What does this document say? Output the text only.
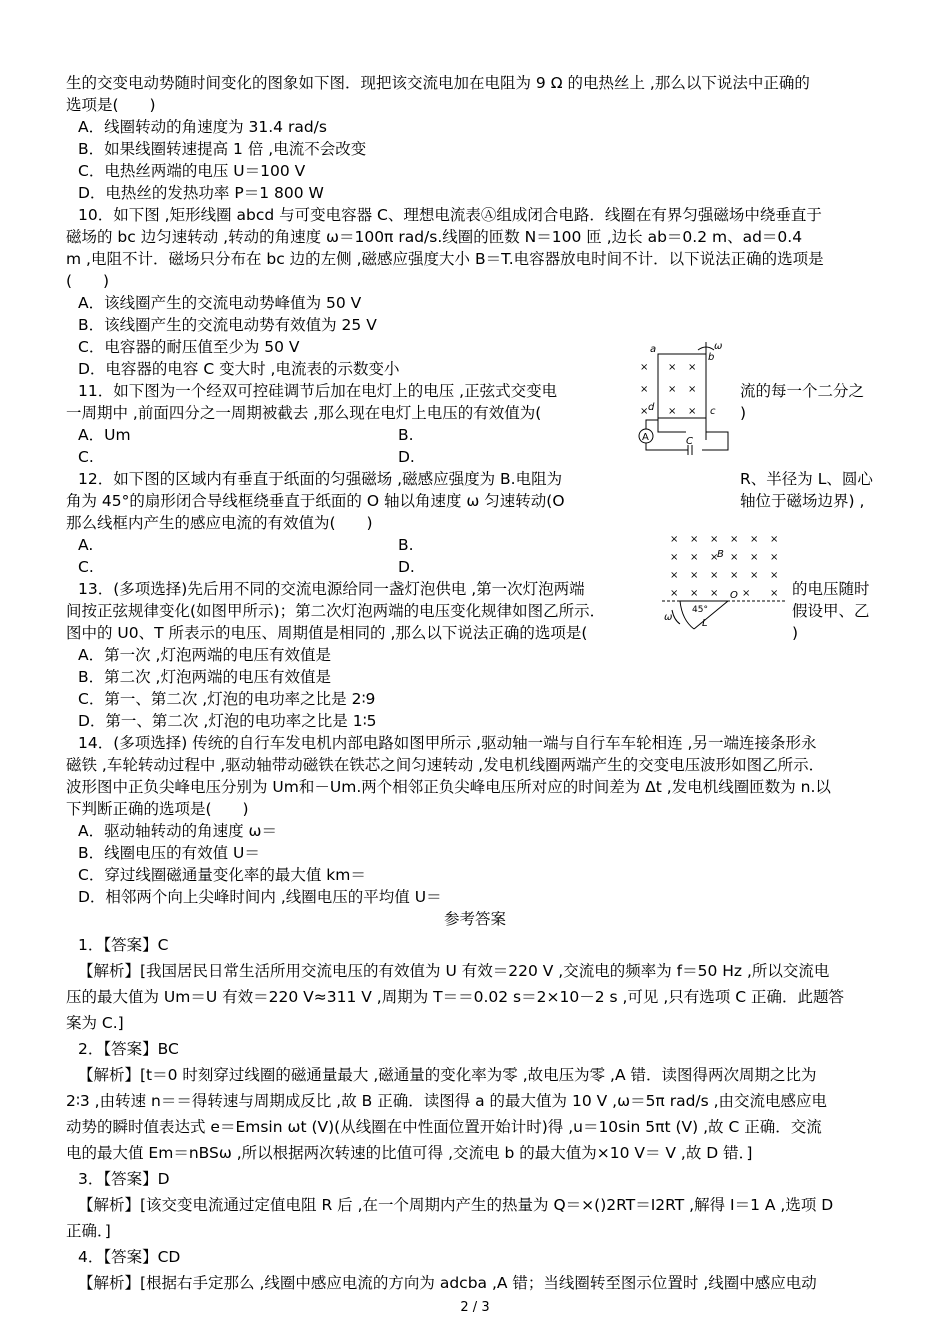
生的交变电动势随时间变化的图象如下图．现把该交流电加在电阻为 9 Ω 的电热丝上 ,那么以下说法中正确的
选项是(　　)
A．线圈转动的角速度为 31.4 rad/s
B．如果线圈转速提高 1 倍 ,电流不会改变
C．电热丝两端的电压 U＝100 V
D．电热丝的发热功率 P＝1 800 W
10．如下图 ,矩形线圈 abcd 与可变电容器 C、理想电流表Ⓐ组成闭合电路．线圈在有界匀强磁场中绕垂直于
磁场的 bc 边匀速转动 ,转动的角速度 ω＝100π rad/s.线圈的匝数 N＝100 匝 ,边长 ab＝0.2 m、ad＝0.4
m ,电阻不计．磁场只分布在 bc 边的左侧 ,磁感应强度大小 B＝T.电容器放电时间不计．以下说法正确的选项是
(　　)
A．该线圈产生的交流电动势峰值为 50 V
B．该线圈产生的交流电动势有效值为 25 V
C．电容器的耐压值至少为 50 V
D．电容器的电容 C 变大时 ,电流表的示数变小
11．如下图为一个经双可控硅调节后加在电灯上的电压 ,正弦式交变电	流的每一个二分之
一周期中 ,前面四分之一周期被截去 ,那么现在电灯上电压的有效值为(	)
A．Um	B.
C.	D.
12．如下图的区域内有垂直于纸面的匀强磁场 ,磁感应强度为 B.电阻为	R、半径为 L、圆心
角为 45°的扇形闭合导线框绕垂直于纸面的 O 轴以角速度 ω 匀速转动(O	轴位于磁场边界) ,
那么线框内产生的感应电流的有效值为(　　)
A.	B.
C.	D.
13．(多项选择)先后用不同的交流电源给同一盏灯泡供电 ,第一次灯泡两端	的电压随时
间按正弦规律变化(如图甲所示)；第二次灯泡两端的电压变化规律如图乙所示．	假设甲、乙
图中的 U0、T 所表示的电压、周期值是相同的 ,那么以下说法正确的选项是(	)
A．第一次 ,灯泡两端的电压有效值是
B．第二次 ,灯泡两端的电压有效值是
C．第一、第二次 ,灯泡的电功率之比是 2∶9
D．第一、第二次 ,灯泡的电功率之比是 1∶5
14．(多项选择) 传统的自行车发电机内部电路如图甲所示 ,驱动轴一端与自行车车轮相连 ,另一端连接条形永
磁铁 ,车轮转动过程中 ,驱动轴带动磁铁在铁芯之间匀速转动 ,发电机线圈两端产生的交变电压波形如图乙所示．
波形图中正负尖峰电压分别为 Um和－Um.两个相邻正负尖峰电压所对应的时间差为 Δt ,发电机线圈匝数为 n.以
下判断正确的选项是(　　)
A．驱动轴转动的角速度 ω＝
B．线圈电压的有效值 U＝
C．穿过线圈磁通量变化率的最大值 km＝
D．相邻两个向上尖峰时间内 ,线圈电压的平均值 U＝
参考答案
1．【答案】C
【解析】[我国居民日常生活所用交流电压的有效值为 U 有效＝220 V ,交流电的频率为 f＝50 Hz ,所以交流电
压的最大值为 Um＝U 有效＝220 V≈311 V ,周期为 T＝＝0.02 s＝2×10－2 s ,可见 ,只有选项 C 正确．此题答
案为 C.]
2．【答案】BC
【解析】[t＝0 时刻穿过线圈的磁通量最大 ,磁通量的变化率为零 ,故电压为零 ,A 错．读图得两次周期之比为
2∶3 ,由转速 n＝＝得转速与周期成反比 ,故 B 正确．读图得 a 的最大值为 10 V ,ω＝5π rad/s ,由交流电感应电
动势的瞬时值表达式 e＝Emsin ωt (V)(从线圈在中性面位置开始计时)得 ,u＝10sin 5πt (V) ,故 C 正确．交流
电的最大值 Em＝nBSω ,所以根据两次转速的比值可得 ,交流电 b 的最大值为×10 V＝ V ,故 D 错．]
3．【答案】D
【解析】[该交变电流通过定值电阻 R 后 ,在一个周期内产生的热量为 Q＝×()2RT＝I2RT ,解得 I＝1 A ,选项 D
正确．]
4．【答案】CD
【解析】[根据右手定那么 ,线圈中感应电流的方向为 adcba ,A 错；当线圈转至图示位置时 ,线圈中感应电动
× × ×
× × ×
× × ×
a
b
c
d
ω
A	C
× × × × × ×
× × × × × ×
× × × × × ×
× × × × ×
B
O
ω
45°
L
2 / 3
